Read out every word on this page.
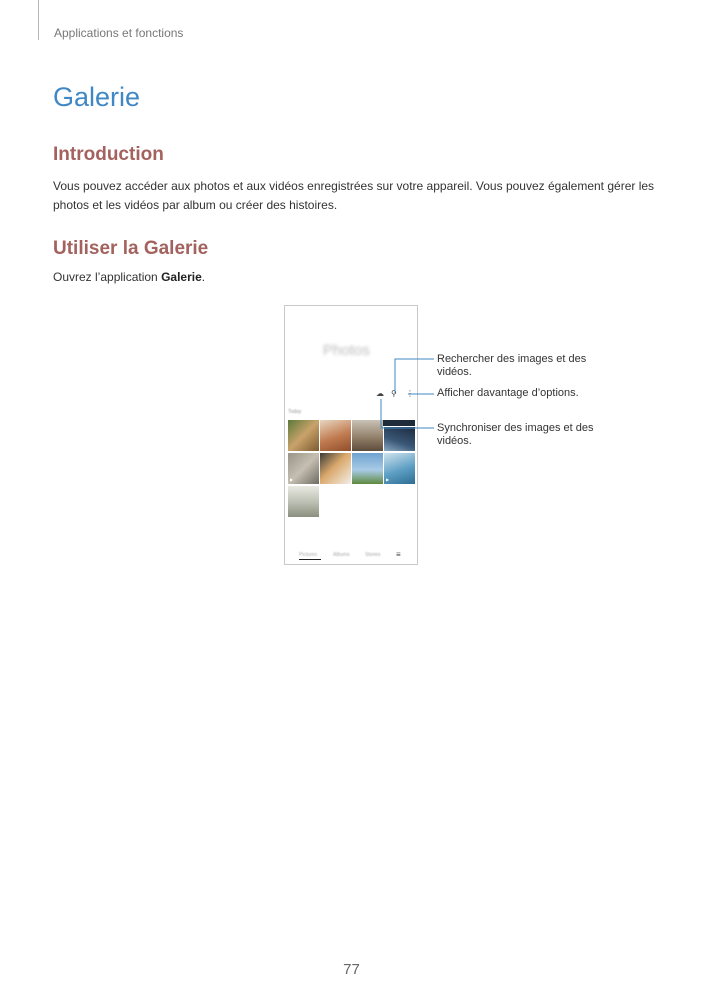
Applications et fonctions
Galerie
Introduction

Vous pouvez accéder aux photos et aux vidéos enregistrées sur votre appareil. Vous pouvez également gérer les photos et les vidéos par album ou créer des histoires.

Utiliser la Galerie

Ouvrez l’application Galerie.

Photos
☁ ⚲ ⋮
Today
▶	▶
Pictures	Albums	Stories ≡
Rechercher des images et des vidéos.
Afficher davantage d’options.
Synchroniser des images et des vidéos.
77
